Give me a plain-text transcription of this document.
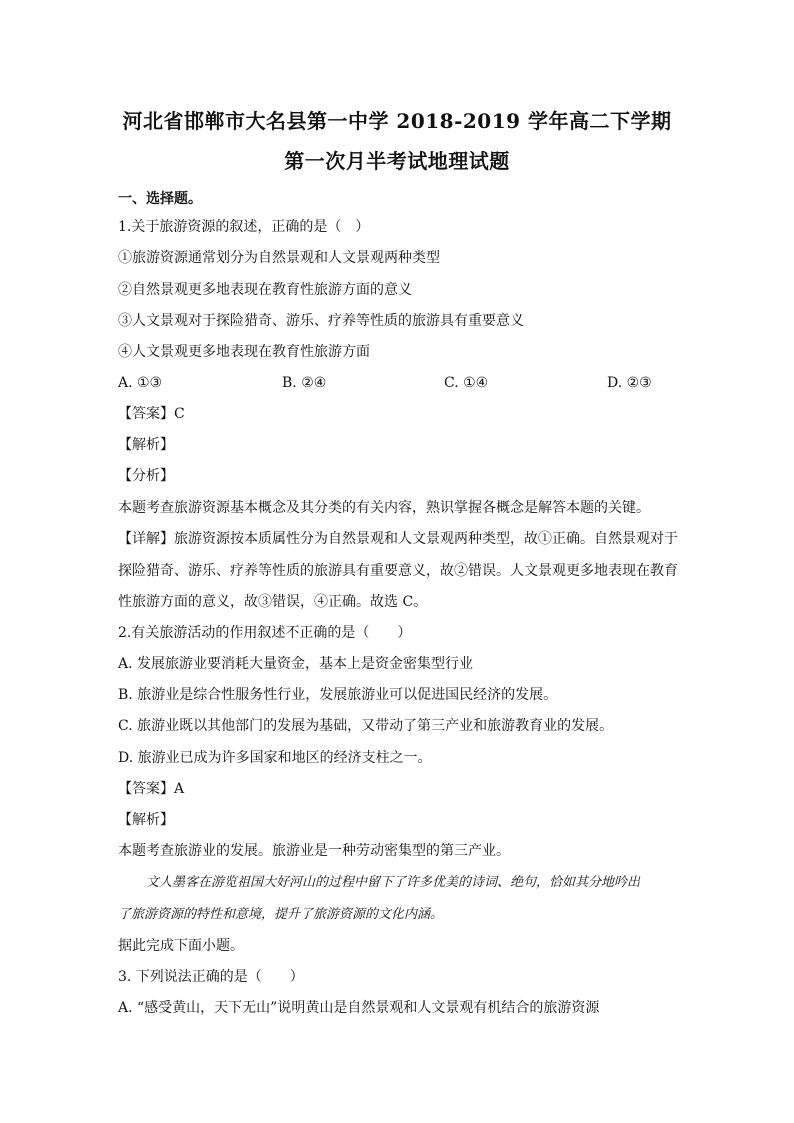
河北省邯郸市大名县第一中学 2018-2019 学年高二下学期
第一次月半考试地理试题
一、选择题。
1.关于旅游资源的叙述，正确的是（　）
①旅游资源通常划分为自然景观和人文景观两种类型
②自然景观更多地表现在教育性旅游方面的意义
③人文景观对于探险猎奇、游乐、疗养等性质的旅游具有重要意义
④人文景观更多地表现在教育性旅游方面
A. ①③	B. ②④	C. ①④	D. ②③
【答案】C
【解析】
【分析】
本题考查旅游资源基本概念及其分类的有关内容，熟识掌握各概念是解答本题的关键。
【详解】旅游资源按本质属性分为自然景观和人文景观两种类型，故①正确。自然景观对于
探险猎奇、游乐、疗养等性质的旅游具有重要意义，故②错误。人文景观更多地表现在教育
性旅游方面的意义，故③错误，④正确。故选 C。
2.有关旅游活动的作用叙述不正确的是（　　）
A. 发展旅游业要消耗大量资金，基本上是资金密集型行业
B. 旅游业是综合性服务性行业，发展旅游业可以促进国民经济的发展。
C. 旅游业既以其他部门的发展为基础，又带动了第三产业和旅游教育业的发展。
D. 旅游业已成为许多国家和地区的经济支柱之一。
【答案】A
【解析】
本题考查旅游业的发展。旅游业是一种劳动密集型的第三产业。
文人墨客在游览祖国大好河山的过程中留下了许多优美的诗词、绝句，恰如其分地吟出
了旅游资源的特性和意境，提升了旅游资源的文化内涵。
据此完成下面小题。
3. 下列说法正确的是（　　）
A. “感受黄山，天下无山”说明黄山是自然景观和人文景观有机结合的旅游资源
